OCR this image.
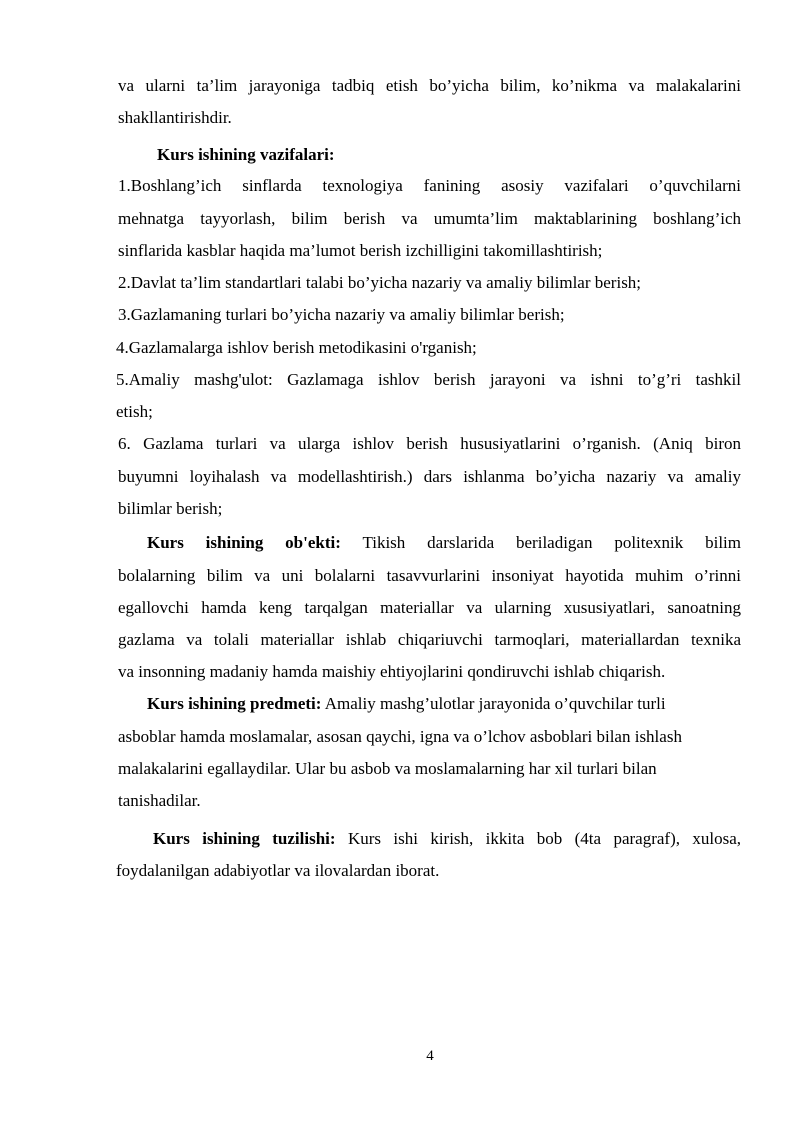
va ularni ta’lim jarayoniga tadbiq etish bo’yicha bilim, ko’nikma va malakalarini
shakllantirishdir.
Kurs ishining vazifalari:
1.Boshlang’ich sinflarda texnologiya fanining asosiy vazifalari o’quvchilarni
mehnatga tayyorlash, bilim berish va umumta’lim maktablarining boshlang’ich
sinflarida kasblar haqida ma’lumot berish izchilligini takomillashtirish;
2.Davlat ta’lim standartlari talabi bo’yicha nazariy va amaliy bilimlar berish;
3.Gazlamaning turlari bo’yicha nazariy va amaliy bilimlar berish;
4.Gazlamalarga ishlov berish metodikasini o'rganish;
5.Amaliy mashg'ulot: Gazlamaga ishlov berish jarayoni va ishni to’g’ri tashkil
etish;
6. Gazlama turlari va ularga ishlov berish hususiyatlarini o’rganish. (Aniq biron
buyumni loyihalash va modellashtirish.) dars ishlanma bo’yicha nazariy va amaliy
bilimlar berish;
Kurs ishining ob'ekti: Tikish darslarida beriladigan politexnik bilim
bolalarning bilim va uni bolalarni tasavvurlarini insoniyat hayotida muhim o’rinni
egallovchi hamda keng tarqalgan materiallar va ularning xususiyatlari, sanoatning
gazlama va tolali materiallar ishlab chiqariuvchi tarmoqlari, materiallardan texnika
va insonning madaniy hamda maishiy ehtiyojlarini qondiruvchi ishlab chiqarish.
Kurs ishining predmeti: Amaliy mashg’ulotlar jarayonida o’quvchilar turli
asboblar hamda moslamalar, asosan qaychi, igna va o’lchov asboblari bilan ishlash
malakalarini egallaydilar. Ular bu asbob va moslamalarning har xil turlari bilan
tanishadilar.
Kurs ishining tuzilishi: Kurs ishi kirish, ikkita bob (4ta paragraf), xulosa,
foydalanilgan adabiyotlar va ilovalardan iborat.
4
